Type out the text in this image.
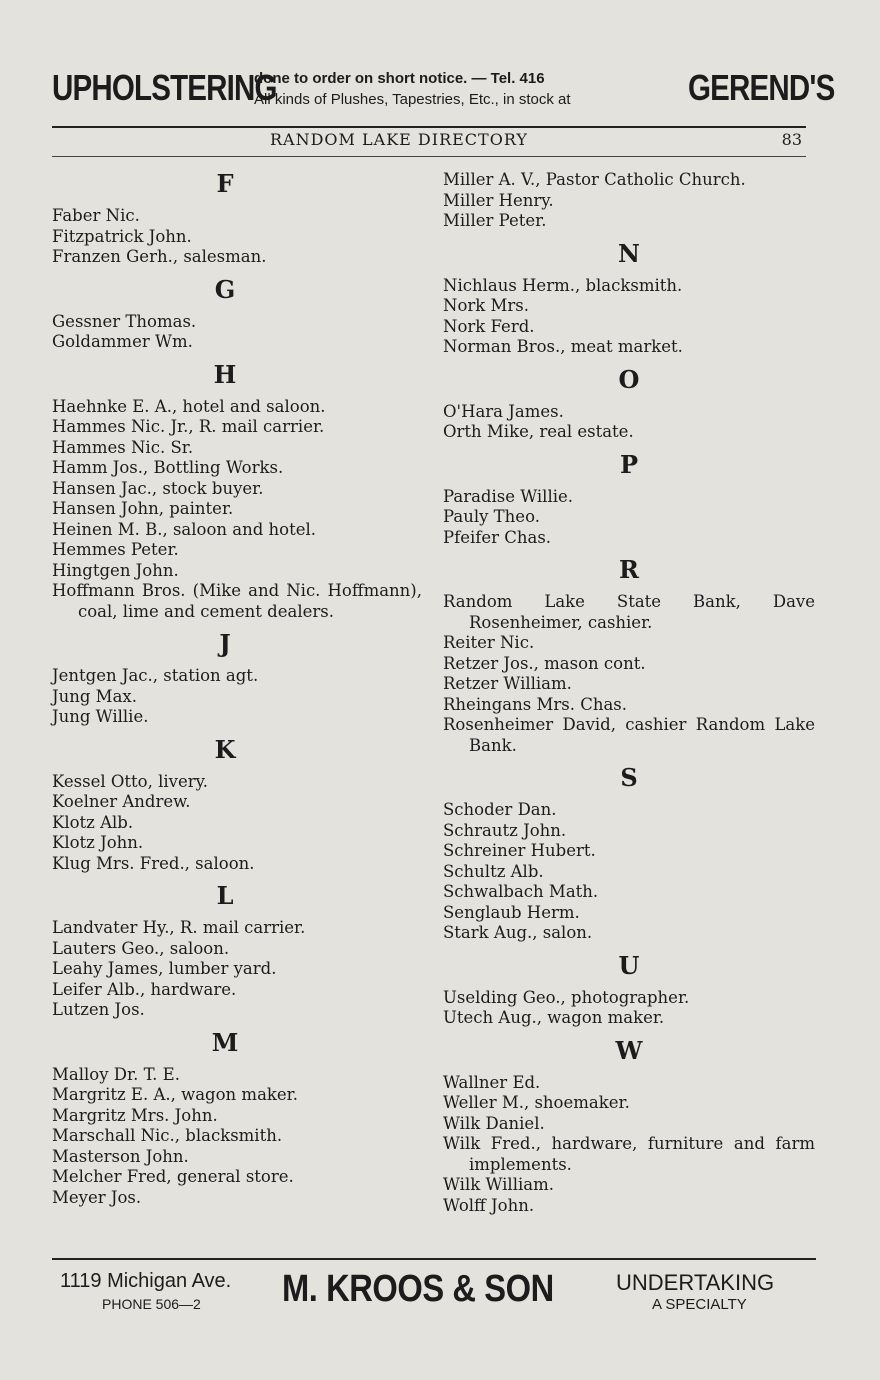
UPHOLSTERING
done to order on short notice. — Tel. 416
All kinds of Plushes, Tapestries, Etc., in stock at	GEREND'S
RANDOM LAKE DIRECTORY	83
F
Faber Nic.
Fitzpatrick John.
Franzen Gerh., salesman.
G
Gessner Thomas.
Goldammer Wm.
H
Haehnke E. A., hotel and saloon.
Hammes Nic. Jr., R. mail carrier.
Hammes Nic. Sr.
Hamm Jos., Bottling Works.
Hansen Jac., stock buyer.
Hansen John, painter.
Heinen M. B., saloon and hotel.
Hemmes Peter.
Hingtgen John.
Hoffmann Bros. (Mike and Nic. Hoffmann), coal, lime and cement dealers.
J
Jentgen Jac., station agt.
Jung Max.
Jung Willie.
K
Kessel Otto, livery.
Koelner Andrew.
Klotz Alb.
Klotz John.
Klug Mrs. Fred., saloon.
L
Landvater Hy., R. mail carrier.
Lauters Geo., saloon.
Leahy James, lumber yard.
Leifer Alb., hardware.
Lutzen Jos.
M
Malloy Dr. T. E.
Margritz E. A., wagon maker.
Margritz Mrs. John.
Marschall Nic., blacksmith.
Masterson John.
Melcher Fred, general store.
Meyer Jos.
Miller A. V., Pastor Catholic Church.
Miller Henry.
Miller Peter.
N
Nichlaus Herm., blacksmith.
Nork Mrs.
Nork Ferd.
Norman Bros., meat market.
O
O'Hara James.
Orth Mike, real estate.
P
Paradise Willie.
Pauly Theo.
Pfeifer Chas.
R
Random Lake State Bank, Dave Rosenheimer, cashier.
Reiter Nic.
Retzer Jos., mason cont.
Retzer William.
Rheingans Mrs. Chas.
Rosenheimer David, cashier Random Lake Bank.
S
Schoder Dan.
Schrautz John.
Schreiner Hubert.
Schultz Alb.
Schwalbach Math.
Senglaub Herm.
Stark Aug., salon.
U
Uselding Geo., photographer.
Utech Aug., wagon maker.
W
Wallner Ed.
Weller M., shoemaker.
Wilk Daniel.
Wilk Fred., hardware, furniture and farm implements.
Wilk William.
Wolff John.
1119 Michigan Ave.
PHONE 506—2 M. KROOS & SON	UNDERTAKING
A SPECIALTY
